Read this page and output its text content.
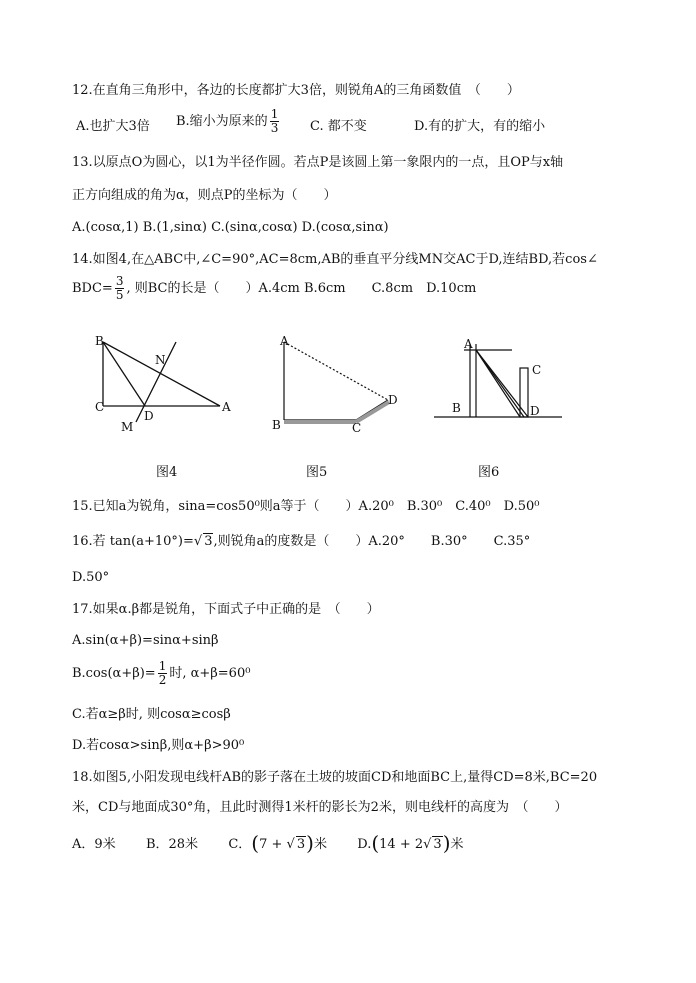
12.在直角三角形中，各边的长度都扩大3倍，则锐角A的三角函数值　（　　）
A.也扩大3倍 B.缩小为原来的 $\frac{1}{3} C$. 都不变	D.有的扩大，有的缩小
13.以原点O为圆心，以1为半径作圆。若点P是该圆上第一象限内的一点，且OP与x轴
正方向组成的角为α，则点P的坐标为（　　）
A.(cosα,1) B.(1,sinα) C.(sinα,cosα) D.(cosα,sinα)
14.如图4,在△ABC中,∠C=90°,AC=8cm,AB的垂直平分线MN交AC于D,连结BD,若cos∠
$BDC= \frac{3}{5}$ , 则BC的长是（　　）A.4cm B.6cm　　C.8cm　D.10cm
B
N
C
D
A
M
A
D
B	C
A
C
B	D
图4	图5	图6
15.已知a为锐角，sina=cos50⁰则a等于（　　）A.20⁰　B.30⁰　C.40⁰　D.50⁰
16.若 tan(a+10°)=√ 3,则锐角a的度数是（　　）A.20°　　B.30°　　C.35°
D.50°
17.如果α.β都是锐角，下面式子中正确的是　（　　）
A.sin(α+β)=sinα+sinβ
$B.\cos(\alpha+\beta)= \frac{1}{2}$ 时, α+β=60⁰
C.若α≥β时, 则cosα≥cosβ
D.若cosα>sinβ,则α+β>90⁰
18.如图5,小阳发现电线杆AB的影子落在土坡的坡面CD和地面BC上,量得CD=8米,BC=20
米，CD与地面成30°角，且此时测得1米杆的影长为2米，则电线杆的高度为　（　　）
A．9米 B．28米 C．(7 + √ 3)米 D.(14 + 2√ 3)米
